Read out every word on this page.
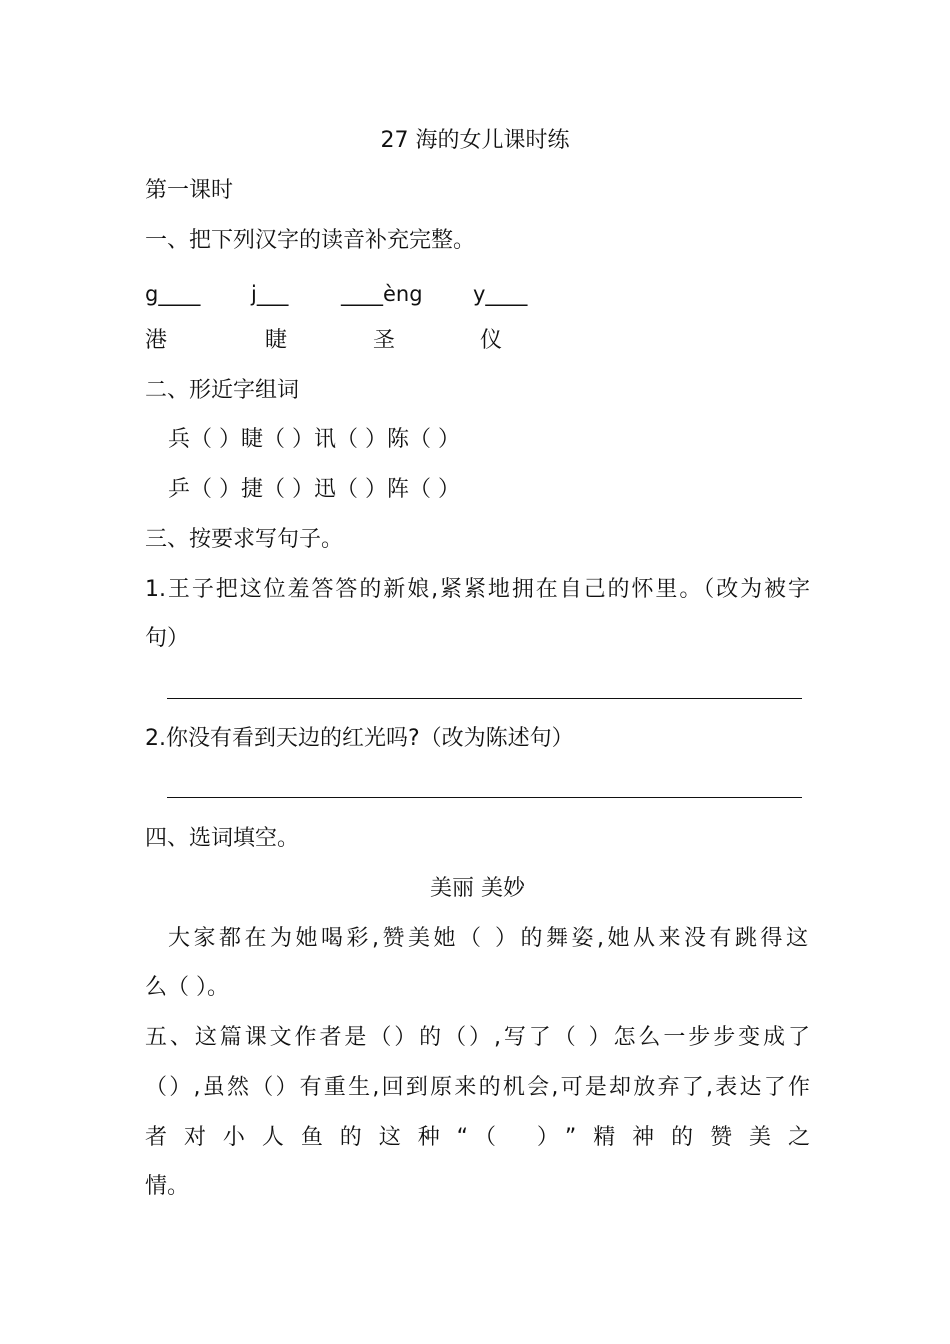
27 海的女儿课时练
第一课时
一、把下列汉字的读音补充完整。
g____ j___	____èng y____
港	睫	圣	仪
二、形近字组词
兵（ ）睫（ ）讯（ ）陈（ ）
乒（ ）捷（ ）迅（ ）阵（ ）
三、按要求写句子。
1.王子把这位羞答答的新娘,紧紧地拥在自己的怀里。（改为被字
句）
2.你没有看到天边的红光吗?（改为陈述句）
四、选词填空。
美丽 美妙
大家都在为她喝彩,赞美她（ ）的舞姿,她从来没有跳得这
么（ ）。
五、这篇课文作者是（）的（）,写了（ ）怎么一步步变成了
（）,虽然（）有重生,回到原来的机会,可是却放弃了,表达了作
者对小人鱼的这种“（ ）”精神的赞美之
情。
